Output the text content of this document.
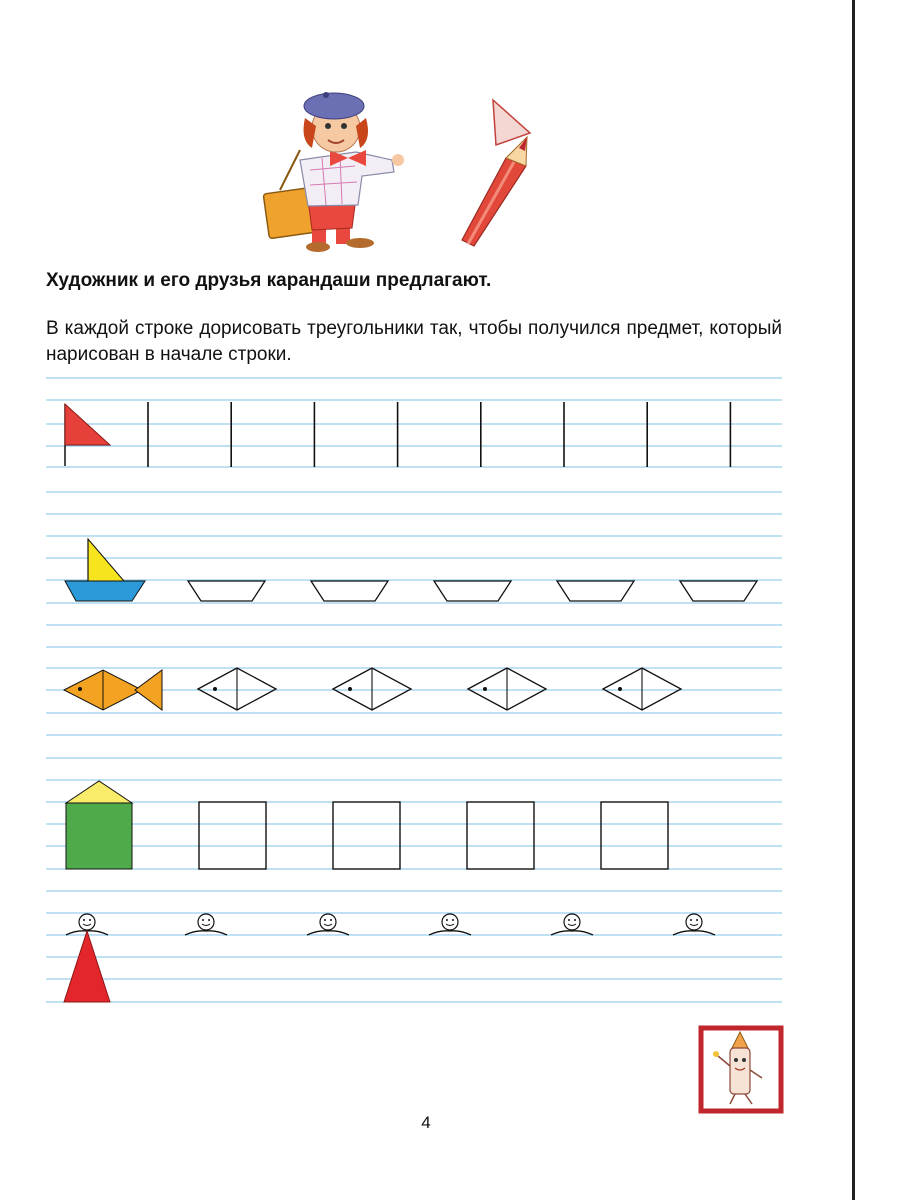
Художник и его друзья карандаши предлагают.

В каждой строке дорисовать треугольники так, чтобы получился предмет, который нарисован в начале строки.

4
